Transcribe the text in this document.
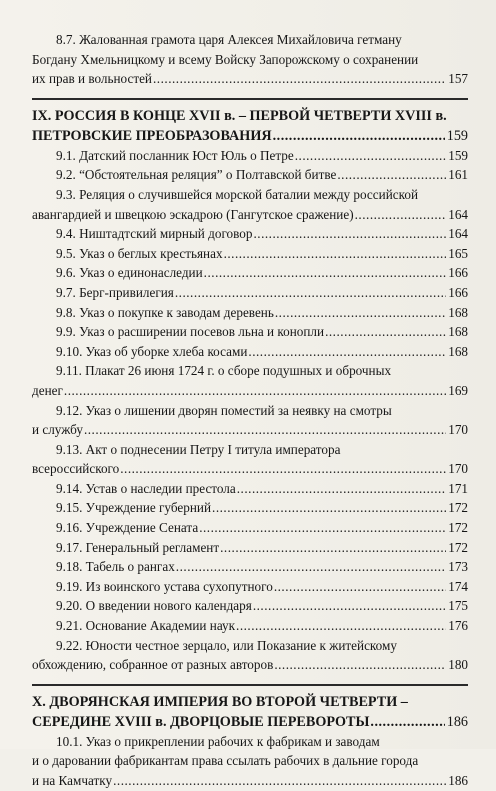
8.7. Жалованная грамота царя Алексея Михайловича гетману
Богдану Хмельницкому и всему Войску Запорожскому о сохранении
их прав и вольностей .....	157
IX. РОССИЯ В КОНЦЕ XVII в. – ПЕРВОЙ ЧЕТВЕРТИ XVIII в.
ПЕТРОВСКИЕ ПРЕОБРАЗОВАНИЯ .....	159
9.1. Датский посланник Юст Юль о Петре .....	159
9.2. “Обстоятельная реляция” о Полтавской битве .....	161
9.3. Реляция о случившейся морской баталии между российской
авангардией и швецкою эскадрою (Гангутское сражение) .....	164
9.4. Ништадтский мирный договор .....	164
9.5. Указ о беглых крестьянах .....	165
9.6. Указ о единонаследии .....	166
9.7. Берг-привилегия .....	166
9.8. Указ о покупке к заводам деревень .....	168
9.9. Указ о расширении посевов льна и конопли .....	168
9.10. Указ об уборке хлеба косами .....	168
9.11. Плакат 26 июня 1724 г. о сборе подушных и оброчных
денег .....	169
9.12. Указ о лишении дворян поместий за неявку на смотры
и службу .....	170
9.13. Акт о поднесении Петру I титула императора
всероссийского .....	170
9.14. Устав о наследии престола .....	171
9.15. Учреждение губерний .....	172
9.16. Учреждение Сената .....	172
9.17. Генеральный регламент .....	172
9.18. Табель о рангах .....	173
9.19. Из воинского устава сухопутного .....	174
9.20. О введении нового календаря .....	175
9.21. Основание Академии наук .....	176
9.22. Юности честное зерцало, или Показание к житейскому
обхождению, собранное от разных авторов .....	180
X. ДВОРЯНСКАЯ ИМПЕРИЯ ВО ВТОРОЙ ЧЕТВЕРТИ –
СЕРЕДИНЕ XVIII в. ДВОРЦОВЫЕ ПЕРЕВОРОТЫ .....	186
10.1. Указ о прикреплении рабочих к фабрикам и заводам
и о даровании фабрикантам права ссылать рабочих в дальние города
и на Камчатку .....	186
